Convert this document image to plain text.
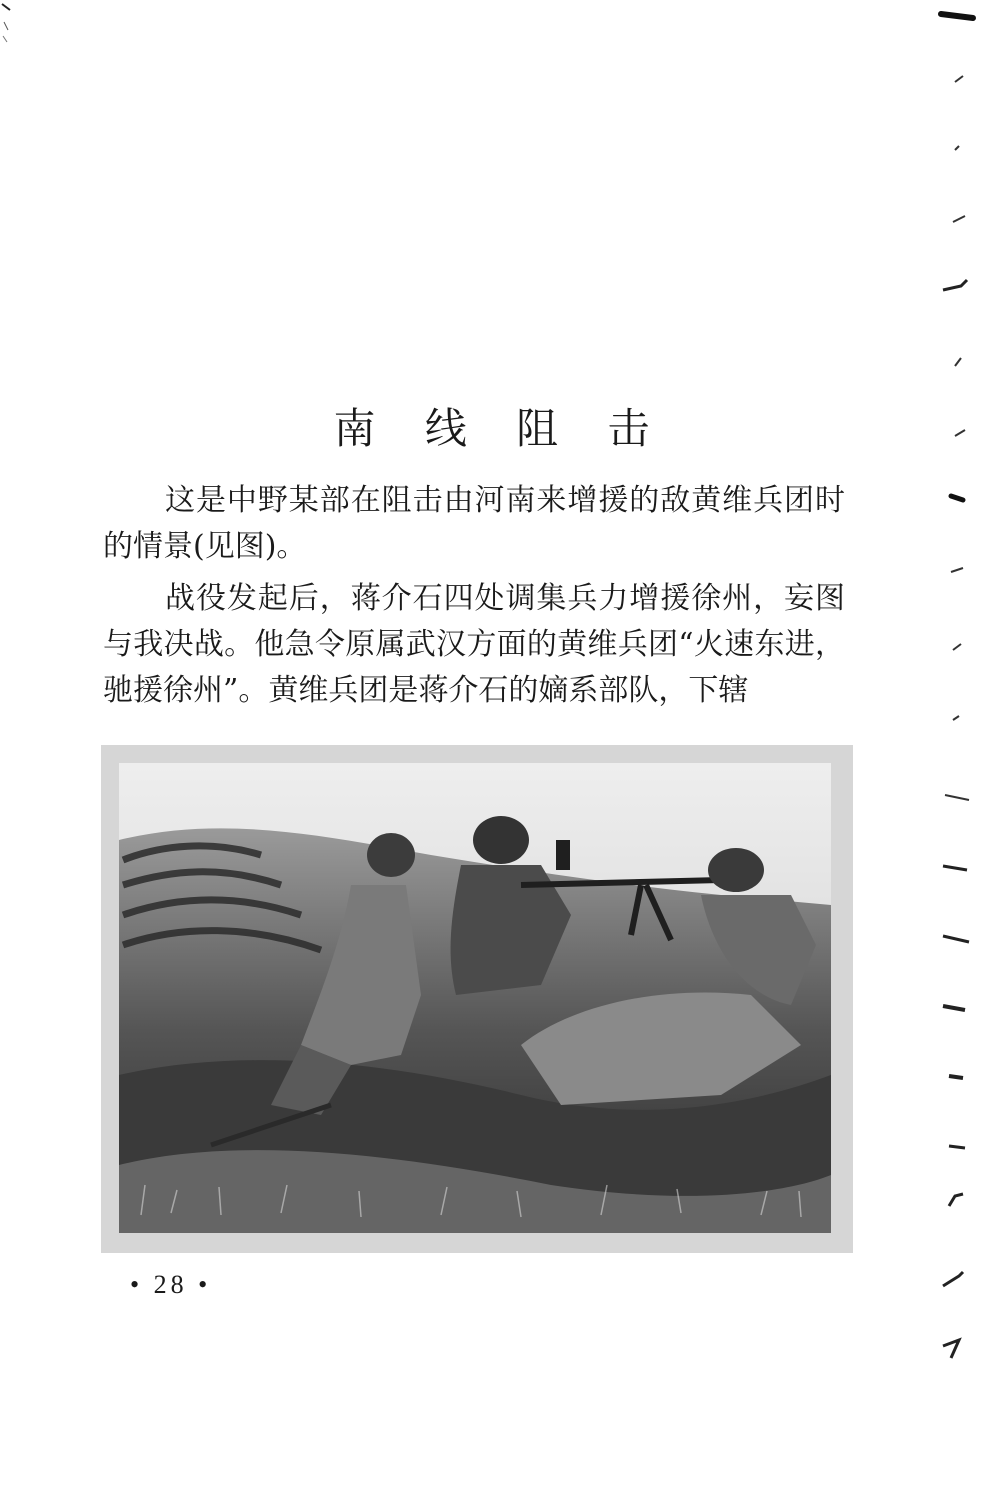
南 线 阻 击

这是中野某部在阻击由河南来增援的敌黄维兵团时的情景(见图)。

战役发起后，蒋介石四处调集兵力增援徐州，妄图与我决战。他急令原属武汉方面的黄维兵团“火速东进，驰援徐州”。黄维兵团是蒋介石的嫡系部队，下辖

• 28 •
